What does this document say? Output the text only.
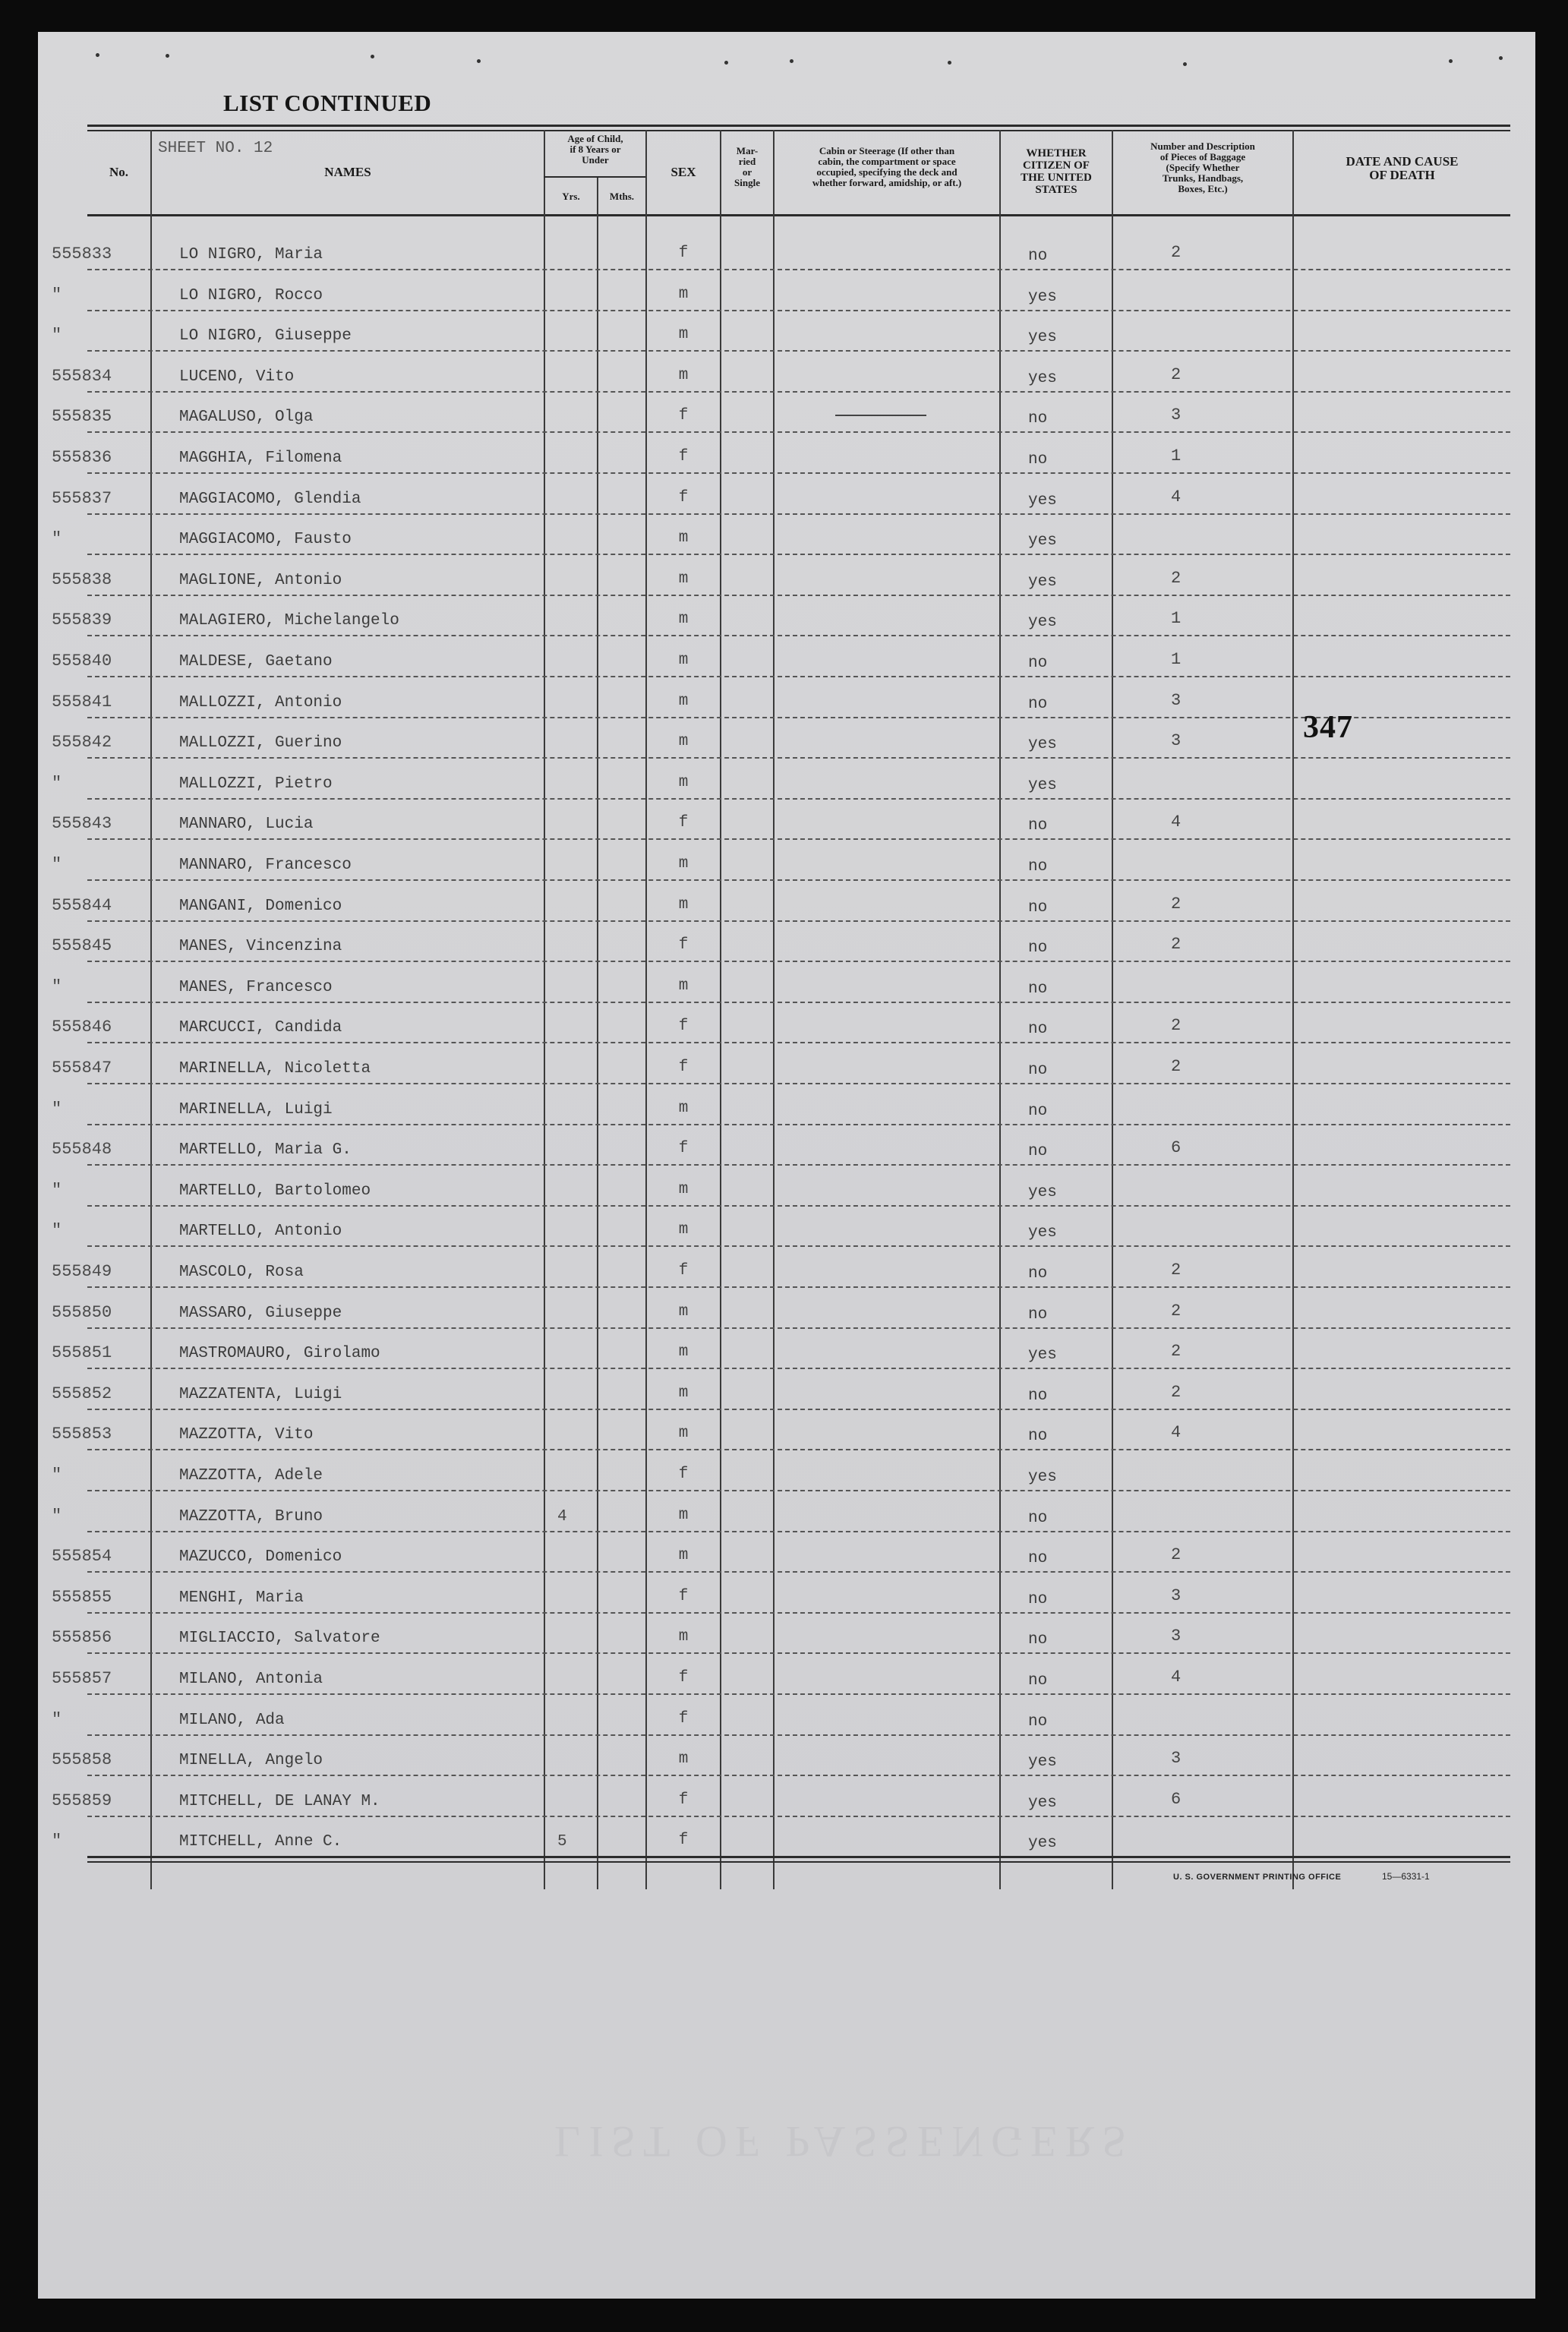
LIST CONTINUED
No.
SHEET NO. 12
NAMES
Age of Child,
if 8 Years or
Under
Yrs.	Mths.
SEX
Mar-
ried
or
Single
Cabin or Steerage (If other than
cabin, the compartment or space
occupied, specifying the deck and
whether forward, amidship, or aft.)
WHETHER
CITIZEN OF
THE UNITED
STATES
Number and Description
of Pieces of Baggage
(Specify Whether
Trunks, Handbags,
Boxes, Etc.)
DATE AND CAUSE
OF DEATH
555833	LO NIGRO, Maria	f	no	2
"	LO NIGRO, Rocco	m	yes
"	LO NIGRO, Giuseppe	m	yes
555834	LUCENO, Vito	m	yes	2
555835	MAGALUSO, Olga	f	no	3
555836	MAGGHIA, Filomena	f	no	1
555837	MAGGIACOMO, Glendia	f	yes	4
"	MAGGIACOMO, Fausto	m	yes
555838	MAGLIONE, Antonio	m	yes	2
555839	MALAGIERO, Michelangelo	m	yes	1
555840	MALDESE, Gaetano	m	no	1
555841	MALLOZZI, Antonio	m	no	3
555842	MALLOZZI, Guerino	m	yes	3
"	MALLOZZI, Pietro	m	yes
555843	MANNARO, Lucia	f	no	4
"	MANNARO, Francesco	m	no
555844	MANGANI, Domenico	m	no	2
555845	MANES, Vincenzina	f	no	2
"	MANES, Francesco	m	no
555846	MARCUCCI, Candida	f	no	2
555847	MARINELLA, Nicoletta	f	no	2
"	MARINELLA, Luigi	m	no
555848	MARTELLO, Maria G.	f	no	6
"	MARTELLO, Bartolomeo	m	yes
"	MARTELLO, Antonio	m	yes
555849	MASCOLO, Rosa	f	no	2
555850	MASSARO, Giuseppe	m	no	2
555851	MASTROMAURO, Girolamo	m	yes	2
555852	MAZZATENTA, Luigi	m	no	2
555853	MAZZOTTA, Vito	m	no	4
"	MAZZOTTA, Adele	f	yes
"	MAZZOTTA, Bruno	4	m	no
555854	MAZUCCO, Domenico	m	no	2
555855	MENGHI, Maria	f	no	3
555856	MIGLIACCIO, Salvatore	m	no	3
555857	MILANO, Antonia	f	no	4
"	MILANO, Ada	f	no
555858	MINELLA, Angelo	m	yes	3
555859	MITCHELL, DE LANAY M.	f	yes	6
"	MITCHELL, Anne C.	5	f	yes
347
U. S. GOVERNMENT PRINTING OFFICE	15—6331-1
LIST OF PASSENGERS
